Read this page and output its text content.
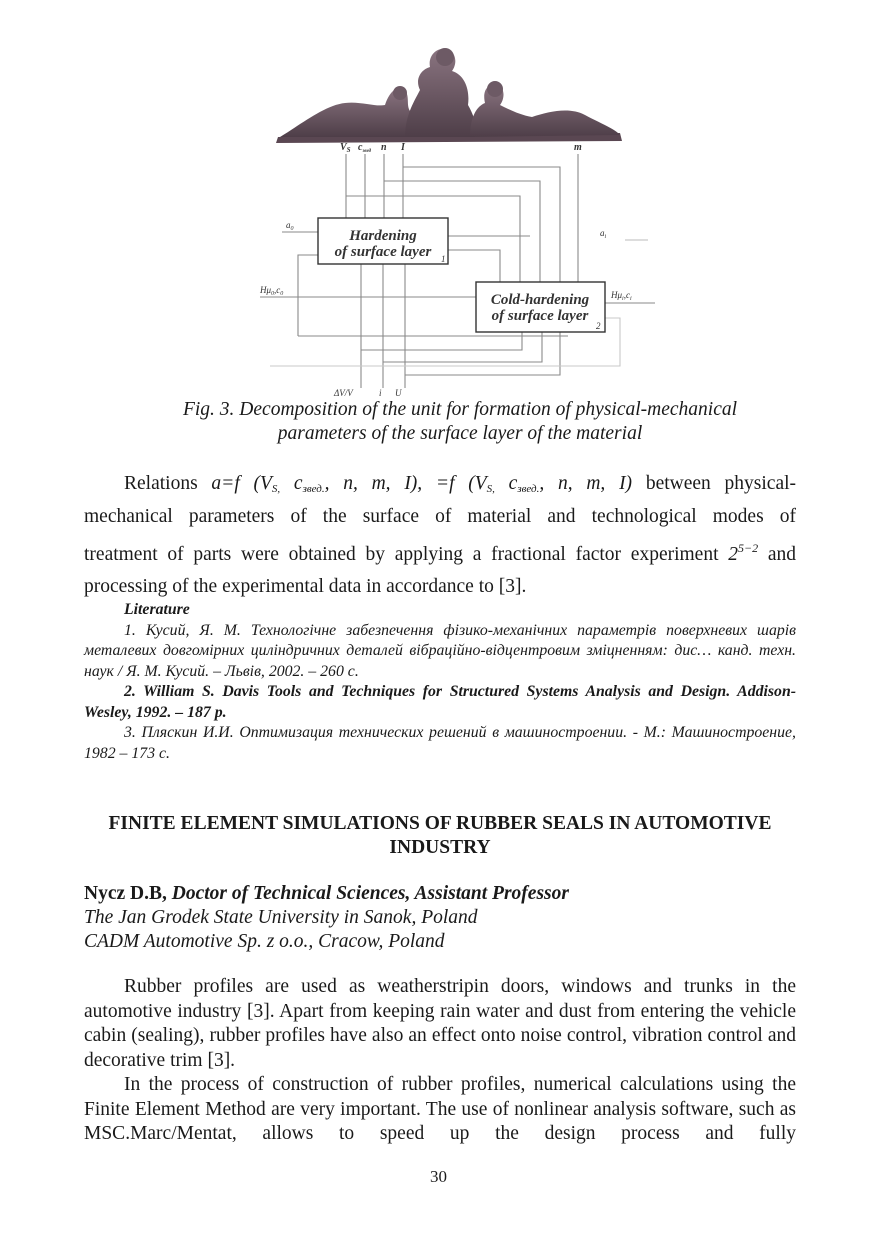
Hardening
of surface layer 1
Cold-hardening
of surface layer
2
$V_S$ $c_{звед}$ n I	m
$a_0$
$H\mu_0,c_0$
$a_i$
$H\mu_i,c_i$
ΔV/V	i U
Fig. 3. Decomposition of the unit for formation of physical-mechanical
parameters of the surface layer of the material
Relations a=f ($V_{S,}$ $c_{звед.}$, n, m, I), =f ($V_{S,}$ $c_{звед.}$, n, m, I) between physical-
mechanical parameters of the surface of material and technological modes of
treatment of parts were obtained by applying a fractional factor experiment $2^{5-2}$ and
processing of the experimental data in accordance to [3].
Literature

1. Кусий, Я. М. Технологічне забезпечення фізико-механічних параметрів поверхневих шарів металевих довгомірних циліндричних деталей вібраційно-відцентровим зміцненням: дис… канд. техн. наук / Я. М. Кусий. – Львів, 2002. – 260 с.

2. William S. Davis Tools and Techniques for Structured Systems Analysis and Design. Addison-Wesley, 1992. – 187 p.

3. Пляскин И.И. Оптимизация технических решений в машиностроении. - М.: Машиностроение, 1982 – 173 с.

FINITE ELEMENT SIMULATIONS OF RUBBER SEALS IN AUTOMOTIVE
INDUSTRY
Nycz D.B, Doctor of Technical Sciences, Assistant Professor
The Jan Grodek State University in Sanok, Poland
CADM Automotive Sp. z o.o., Cracow, Poland

Rubber profiles are used as weatherstripin doors, windows and trunks in the automotive industry [3]. Apart from keeping rain water and dust from entering the vehicle cabin (sealing), rubber profiles have also an effect onto noise control, vibration control and decorative trim [3].

In the process of construction of rubber profiles, numerical calculations using the Finite Element Method are very important. The use of nonlinear analysis software, such as MSC.Marc/Mentat, allows to speed up the design process and fully

30
